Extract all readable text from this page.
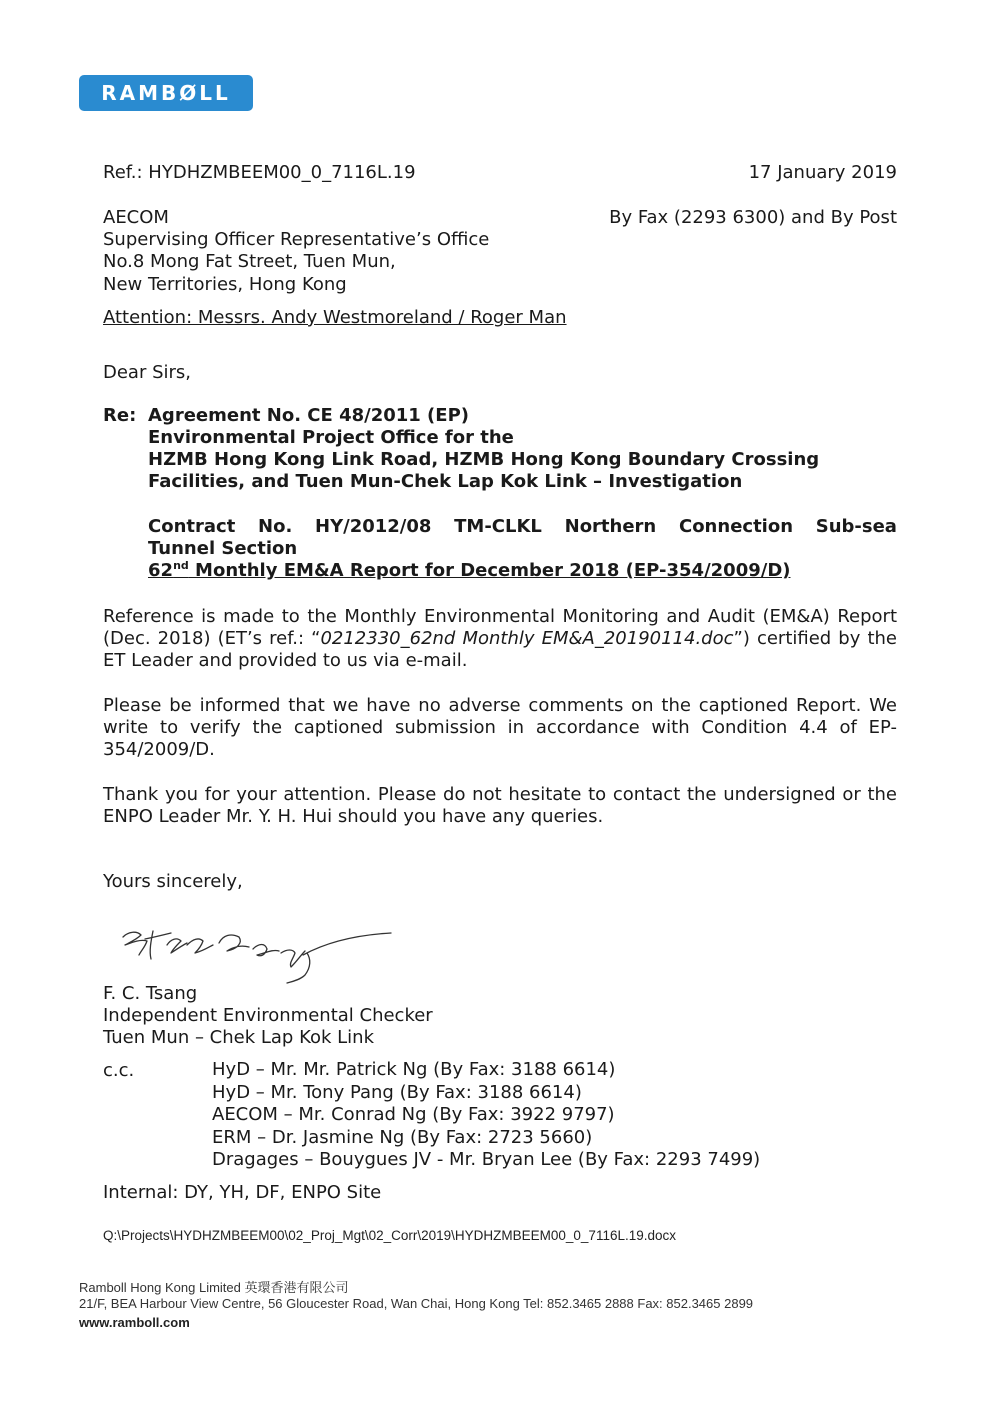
RAMBØLL
Ref.: HYDHZMBEEM00_0_7116L.19	17 January 2019
AECOM
Supervising Officer Representative’s Office
No.8 Mong Fat Street, Tuen Mun,
New Territories, Hong Kong
By Fax (2293 6300) and By Post
Attention: Messrs. Andy Westmoreland / Roger Man
Dear Sirs,
Re: Agreement No. CE 48/2011 (EP)
Environmental Project Office for the
HZMB Hong Kong Link Road, HZMB Hong Kong Boundary Crossing
Facilities, and Tuen Mun-Chek Lap Kok Link – Investigation
Contract No. HY/2012/08 TM-CLKL Northern Connection Sub-sea
Tunnel Section
62nd Monthly EM&A Report for December 2018 (EP-354/2009/D)
Reference is made to the Monthly Environmental Monitoring and Audit (EM&A) Report (Dec. 2018) (ET’s ref.: “0212330_62nd Monthly EM&A_20190114.doc”) certified by the ET Leader and provided to us via e-mail.
Please be informed that we have no adverse comments on the captioned Report. We write to verify the captioned submission in accordance with Condition 4.4 of EP-354/2009/D.
Thank you for your attention. Please do not hesitate to contact the undersigned or the ENPO Leader Mr. Y. H. Hui should you have any queries.
Yours sincerely,
F. C. Tsang
Independent Environmental Checker
Tuen Mun – Chek Lap Kok Link
c.c.	HyD – Mr. Mr. Patrick Ng (By Fax: 3188 6614)
HyD – Mr. Tony Pang (By Fax: 3188 6614)
AECOM – Mr. Conrad Ng (By Fax: 3922 9797)
ERM – Dr. Jasmine Ng (By Fax: 2723 5660)
Dragages – Bouygues JV - Mr. Bryan Lee (By Fax: 2293 7499)
Internal: DY, YH, DF, ENPO Site
Q:\Projects\HYDHZMBEEM00\02_Proj_Mgt\02_Corr\2019\HYDHZMBEEM00_0_7116L.19.docx
Ramboll Hong Kong Limited 英環香港有限公司
21/F, BEA Harbour View Centre, 56 Gloucester Road, Wan Chai, Hong Kong Tel: 852.3465 2888 Fax: 852.3465 2899
www.ramboll.com
